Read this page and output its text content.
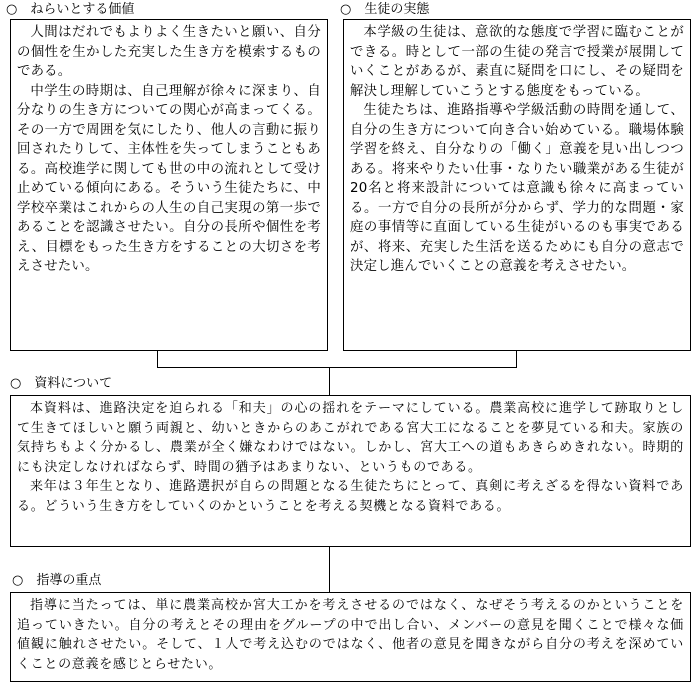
○　ねらいとする価値

人間はだれでもよりよく生きたいと願い、自分の個性を生かした充実した生き方を模索するものである。

中学生の時期は、自己理解が徐々に深まり、自分なりの生き方についての関心が高まってくる。その一方で周囲を気にしたり、他人の言動に振り回されたりして、主体性を失ってしまうこともある。高校進学に関しても世の中の流れとして受け止めている傾向にある。そういう生徒たちに、中学校卒業はこれからの人生の自己実現の第一歩であることを認識させたい。自分の長所や個性を考え、目標をもった生き方をすることの大切さを考えさせたい。

○　生徒の実態

本学級の生徒は、意欲的な態度で学習に臨むことができる。時として一部の生徒の発言で授業が展開していくことがあるが、素直に疑問を口にし、その疑問を解決し理解していこうとする態度をもっている。

生徒たちは、進路指導や学級活動の時間を通して、自分の生き方について向き合い始めている。職場体験学習を終え、自分なりの「働く」意義を見い出しつつある。将来やりたい仕事・なりたい職業がある生徒が20名と将来設計については意識も徐々に高まっている。一方で自分の長所が分からず、学力的な問題・家庭の事情等に直面している生徒がいるのも事実であるが、将来、充実した生活を送るためにも自分の意志で決定し進んでいくことの意義を考えさせたい。

○　資料について

本資料は、進路決定を迫られる「和夫」の心の揺れをテーマにしている。農業高校に進学して跡取りとして生きてほしいと願う両親と、幼いときからのあこがれである宮大工になることを夢見ている和夫。家族の気持ちもよく分かるし、農業が全く嫌なわけではない。しかし、宮大工への道もあきらめきれない。時期的にも決定しなければならず、時間の猶予はあまりない、というものである。

来年は３年生となり、進路選択が自らの問題となる生徒たちにとって、真剣に考えざるを得ない資料である。どういう生き方をしていくのかということを考える契機となる資料である。

○　指導の重点

指導に当たっては、単に農業高校か宮大工かを考えさせるのではなく、なぜそう考えるのかということを追っていきたい。自分の考えとその理由をグループの中で出し合い、メンバーの意見を聞くことで様々な価値観に触れさせたい。そして、１人で考え込むのではなく、他者の意見を聞きながら自分の考えを深めていくことの意義を感じとらせたい。
